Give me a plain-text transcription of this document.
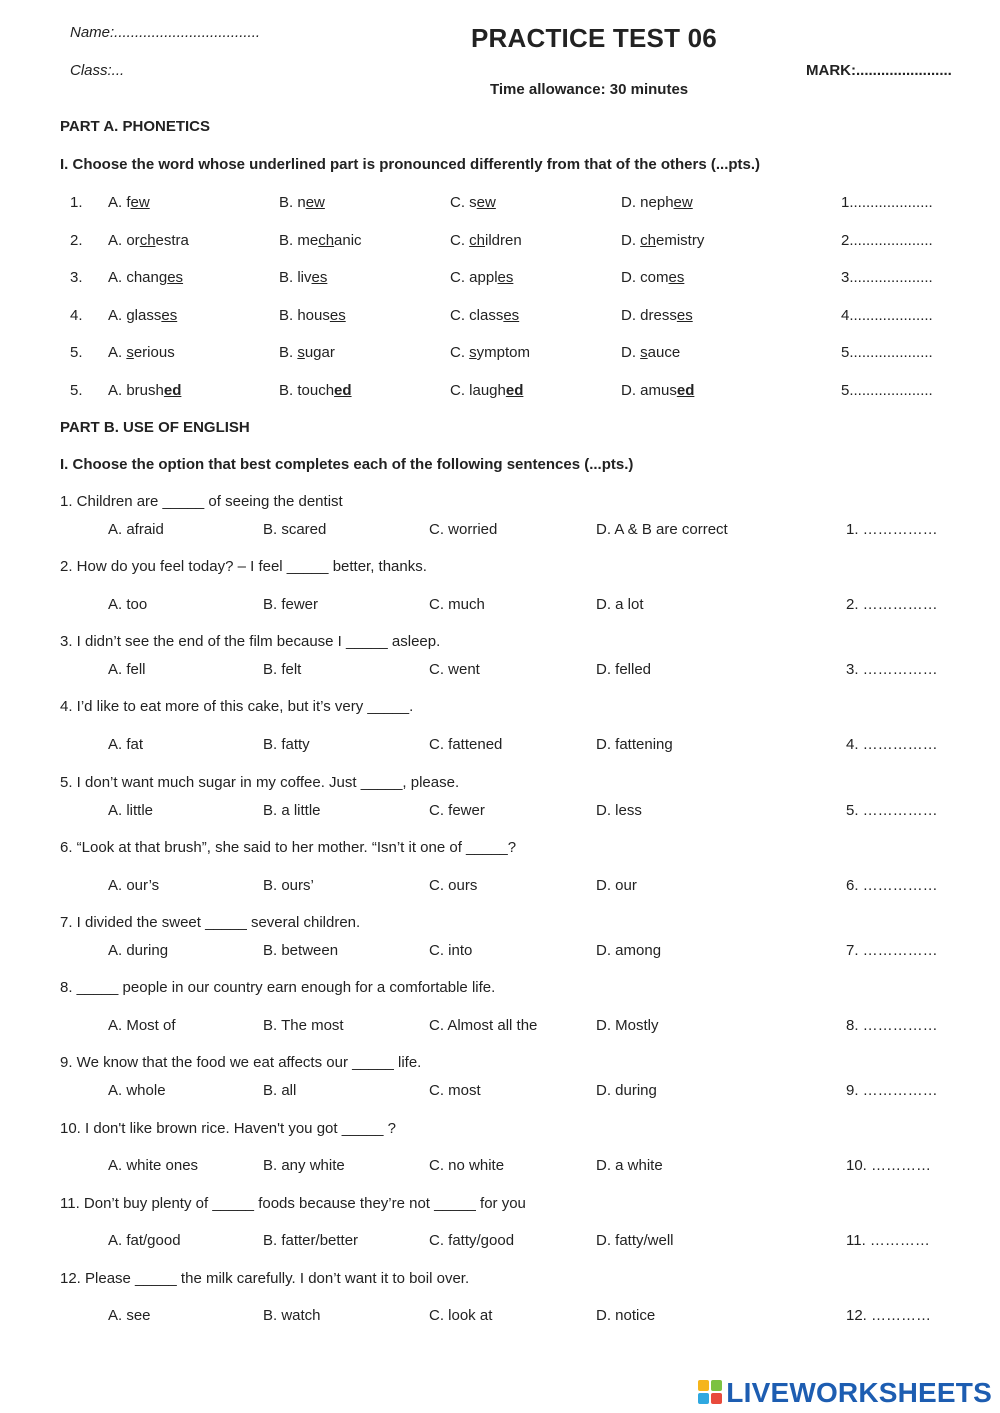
Name:...................................
Class:...
PRACTICE TEST 06
MARK:.......................
Time allowance: 30 minutes
PART A. PHONETICS
I. Choose the word whose underlined part is pronounced differently from that of the others (...pts.)
1. A. few	B. new	C. sew	D. nephew	1....................
2. A. orchestra	B. mechanic	C. children	D. chemistry	2....................
3. A. changes	B. lives	C. apples	D. comes	3....................
4. A. glasses	B. houses	C. classes	D. dresses	4....................
5. A. serious	B. sugar	C. symptom	D. sauce	5....................
5. A. brushed	B. touched	C. laughed	D. amused	5....................
PART B. USE OF ENGLISH
I. Choose the option that best completes each of the following sentences (...pts.)
1. Children are _____ of seeing the dentist
A. afraid	B. scared	C. worried	D. A & B are correct	1. ……………
2. How do you feel today? – I feel _____ better, thanks.
A. too	B. fewer	C. much	D. a lot	2. ……………
3. I didn’t see the end of the film because I _____ asleep.
A. fell	B. felt	C. went	D. felled	3. ……………
4. I’d like to eat more of this cake, but it’s very _____.
A. fat	B. fatty	C. fattened	D. fattening	4. ……………
5. I don’t want much sugar in my coffee. Just _____, please.
A. little	B. a little	C. fewer	D. less	5. ……………
6. “Look at that brush”, she said to her mother. “Isn’t it one of _____?
A. our’s	B. ours’	C. ours	D. our	6. ……………
7. I divided the sweet _____ several children.
A. during	B. between	C. into	D. among	7. ……………
8. _____ people in our country earn enough for a comfortable life.
A. Most of	B. The most	C. Almost all the	D. Mostly	8. ……………
9. We know that the food we eat affects our _____ life.
A. whole	B. all	C. most	D. during	9. ……………
10. I don't like brown rice. Haven't you got _____ ?
A. white ones	B. any white	C. no white	D. a white	10. …………
11. Don’t buy plenty of _____ foods because they’re not _____ for you
A. fat/good	B. fatter/better	C. fatty/good	D. fatty/well	11. …………
12. Please _____ the milk carefully. I don’t want it to boil over.
A. see	B. watch	C. look at	D. notice	12. …………
LIVEWORKSHEETS
